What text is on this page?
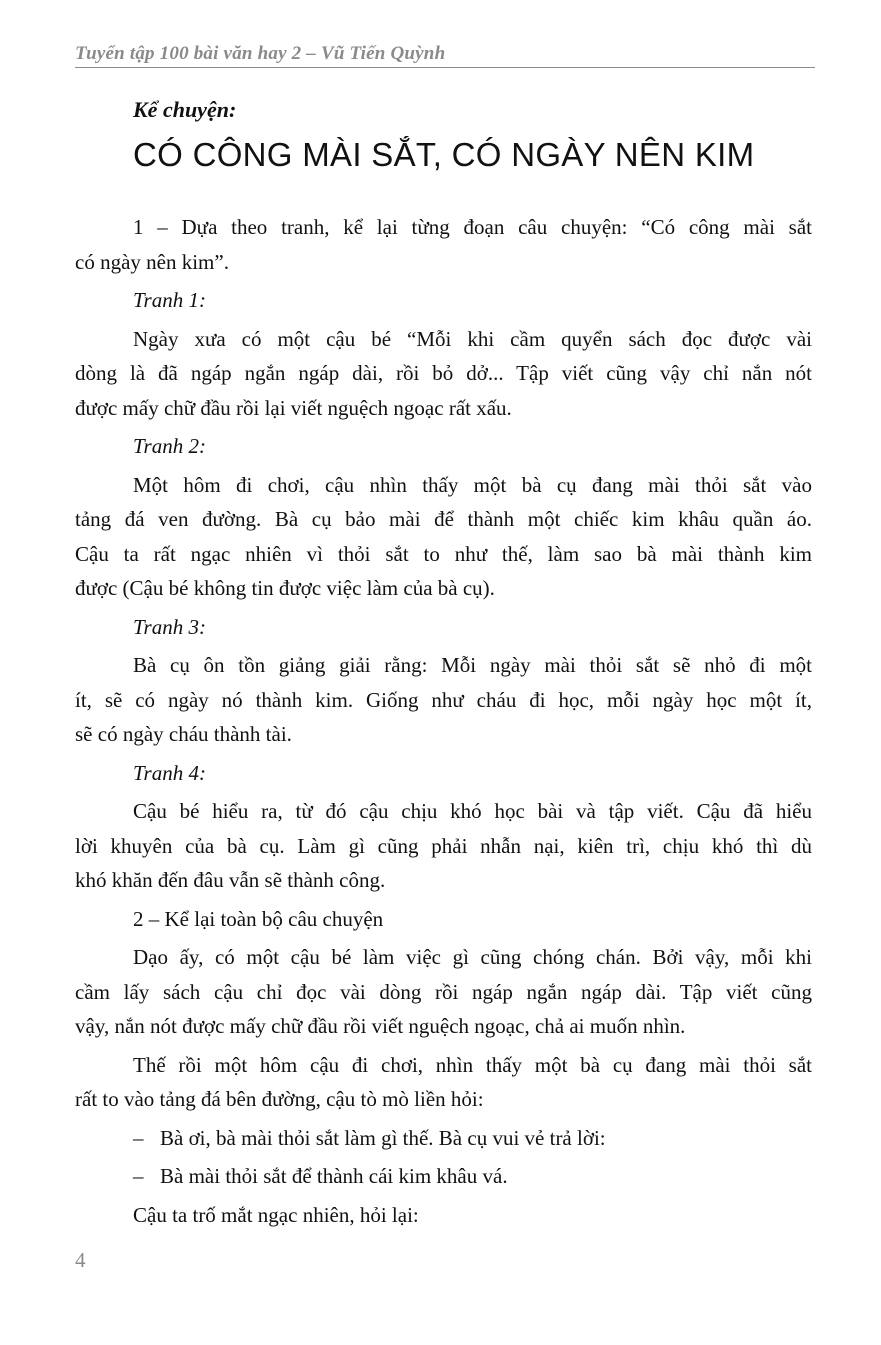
Tuyển tập 100 bài văn hay 2 – Vũ Tiến Quỳnh
Kể chuyện:
CÓ CÔNG MÀI SẮT, CÓ NGÀY NÊN KIM
1 – Dựa theo tranh, kể lại từng đoạn câu chuyện: “Có công mài sắt
có ngày nên kim”.
Tranh 1:
Ngày xưa có một cậu bé “Mỗi khi cầm quyển sách đọc được vài
dòng là đã ngáp ngắn ngáp dài, rồi bỏ dở... Tập viết cũng vậy chỉ nắn nót
được mấy chữ đầu rồi lại viết nguệch ngoạc rất xấu.
Tranh 2:
Một hôm đi chơi, cậu nhìn thấy một bà cụ đang mài thỏi sắt vào
tảng đá ven đường. Bà cụ bảo mài để thành một chiếc kim khâu quần áo.
Cậu ta rất ngạc nhiên vì thỏi sắt to như thế, làm sao bà mài thành kim
được (Cậu bé không tin được việc làm của bà cụ).
Tranh 3:
Bà cụ ôn tồn giảng giải rằng: Mỗi ngày mài thỏi sắt sẽ nhỏ đi một
ít, sẽ có ngày nó thành kim. Giống như cháu đi học, mỗi ngày học một ít,
sẽ có ngày cháu thành tài.
Tranh 4:
Cậu bé hiểu ra, từ đó cậu chịu khó học bài và tập viết. Cậu đã hiểu
lời khuyên của bà cụ. Làm gì cũng phải nhẫn nại, kiên trì, chịu khó thì dù
khó khăn đến đâu vẫn sẽ thành công.
2 – Kể lại toàn bộ câu chuyện
Dạo ấy, có một cậu bé làm việc gì cũng chóng chán. Bởi vậy, mỗi khi
cầm lấy sách cậu chỉ đọc vài dòng rồi ngáp ngắn ngáp dài. Tập viết cũng
vậy, nắn nót được mấy chữ đầu rồi viết nguệch ngoạc, chả ai muốn nhìn.
Thế rồi một hôm cậu đi chơi, nhìn thấy một bà cụ đang mài thỏi sắt
rất to vào tảng đá bên đường, cậu tò mò liền hỏi:
– Bà ơi, bà mài thỏi sắt làm gì thế. Bà cụ vui vẻ trả lời:
– Bà mài thỏi sắt để thành cái kim khâu vá.
Cậu ta trố mắt ngạc nhiên, hỏi lại:
4
